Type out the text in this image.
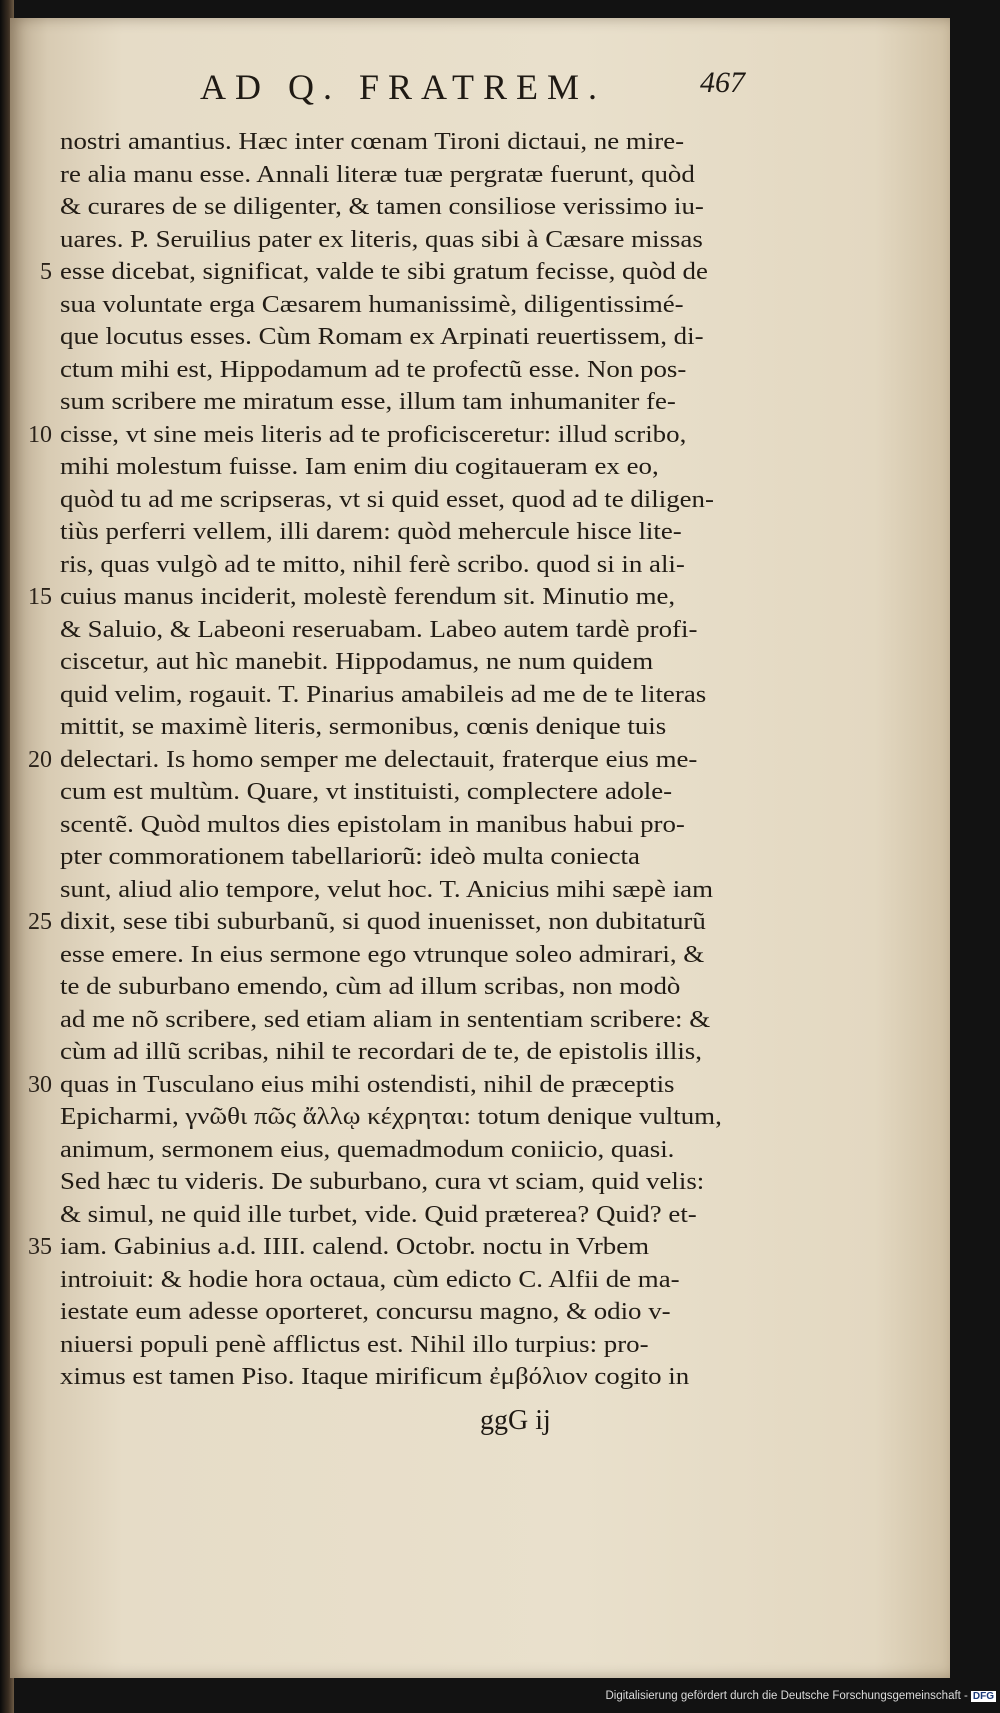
AD Q. FRATREM.	467
nostri amantius. Hæc inter cœnam Tironi dictaui, ne mire-
re alia manu esse. Annali literæ tuæ pergratæ fuerunt, quòd
& curares de se diligenter, & tamen consiliose verissimo iu-
uares. P. Seruilius pater ex literis, quas sibi à Cæsare missas
5 esse dicebat, significat, valde te sibi gratum fecisse, quòd de
sua voluntate erga Cæsarem humanissimè, diligentissimé-
que locutus esses. Cùm Romam ex Arpinati reuertissem, di-
ctum mihi est, Hippodamum ad te profectũ esse. Non pos-
sum scribere me miratum esse, illum tam inhumaniter fe-
10 cisse, vt sine meis literis ad te proficisceretur: illud scribo,
mihi molestum fuisse. Iam enim diu cogitaueram ex eo,
quòd tu ad me scripseras, vt si quid esset, quod ad te diligen-
tiùs perferri vellem, illi darem: quòd mehercule hisce lite-
ris, quas vulgò ad te mitto, nihil ferè scribo. quod si in ali-
15 cuius manus inciderit, molestè ferendum sit. Minutio me,
& Saluio, & Labeoni reseruabam. Labeo autem tardè profi-
ciscetur, aut hìc manebit. Hippodamus, ne num quidem
quid velim, rogauit. T. Pinarius amabileis ad me de te literas
mittit, se maximè literis, sermonibus, cœnis denique tuis
20 delectari. Is homo semper me delectauit, fraterque eius me-
cum est multùm. Quare, vt instituisti, complectere adole-
scentẽ. Quòd multos dies epistolam in manibus habui pro-
pter commorationem tabellariorũ: ideò multa coniecta
sunt, aliud alio tempore, velut hoc. T. Anicius mihi sæpè iam
25 dixit, sese tibi suburbanũ, si quod inuenisset, non dubitaturũ
esse emere. In eius sermone ego vtrunque soleo admirari, &
te de suburbano emendo, cùm ad illum scribas, non modò
ad me nõ scribere, sed etiam aliam in sententiam scribere: &
cùm ad illũ scribas, nihil te recordari de te, de epistolis illis,
30 quas in Tusculano eius mihi ostendisti, nihil de præceptis
Epicharmi, γνῶθι πῶς ἄλλῳ κέχρηται: totum denique vultum,
animum, sermonem eius, quemadmodum coniicio, quasi.
Sed hæc tu videris. De suburbano, cura vt sciam, quid velis:
& simul, ne quid ille turbet, vide. Quid præterea? Quid? et-
35 iam. Gabinius a.d. IIII. calend. Octobr. noctu in Vrbem
introiuit: & hodie hora octaua, cùm edicto C. Alfii de ma-
iestate eum adesse oporteret, concursu magno, & odio v-
niuersi populi penè afflictus est. Nihil illo turpius: pro-
ximus est tamen Piso. Itaque mirificum ἐμβόλιον cogito in
ggG ij
Digitalisierung gefördert durch die Deutsche Forschungsgemeinschaft - DFG
